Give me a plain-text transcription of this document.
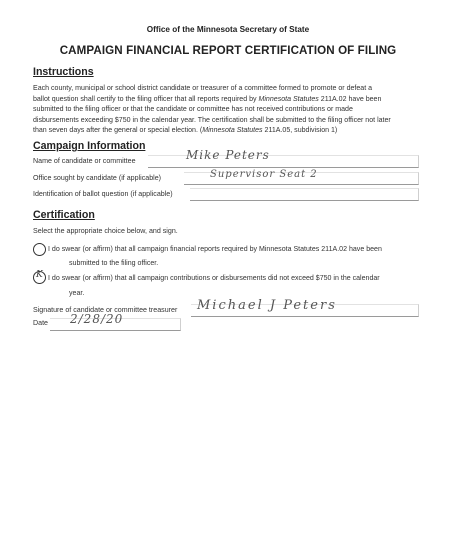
Office of the Minnesota Secretary of State
CAMPAIGN FINANCIAL REPORT CERTIFICATION OF FILING
Instructions
Each county, municipal or school district candidate or treasurer of a committee formed to promote or defeat a
ballot question shall certify to the filing officer that all reports required by Minnesota Statutes 211A.02 have been
submitted to the filing officer or that the candidate or committee has not received contributions or made
disbursements exceeding $750 in the calendar year. The certification shall be submitted to the filing officer not later
than seven days after the general or special election. (Minnesota Statutes 211A.05, subdivision 1)
Campaign Information
Name of candidate or committee	Mike Peters
Office sought by candidate (if applicable)	Supervisor Seat 2
Identification of ballot question (if applicable)
Certification
Select the appropriate choice below, and sign.
I do swear (or affirm) that all campaign financial reports required by Minnesota Statutes 211A.02 have been
submitted to the filing officer.
K I do swear (or affirm) that all campaign contributions or disbursements did not exceed $750 in the calendar
year.
Signature of candidate or committee treasurer Michael J Peters
Date 2/28/20
